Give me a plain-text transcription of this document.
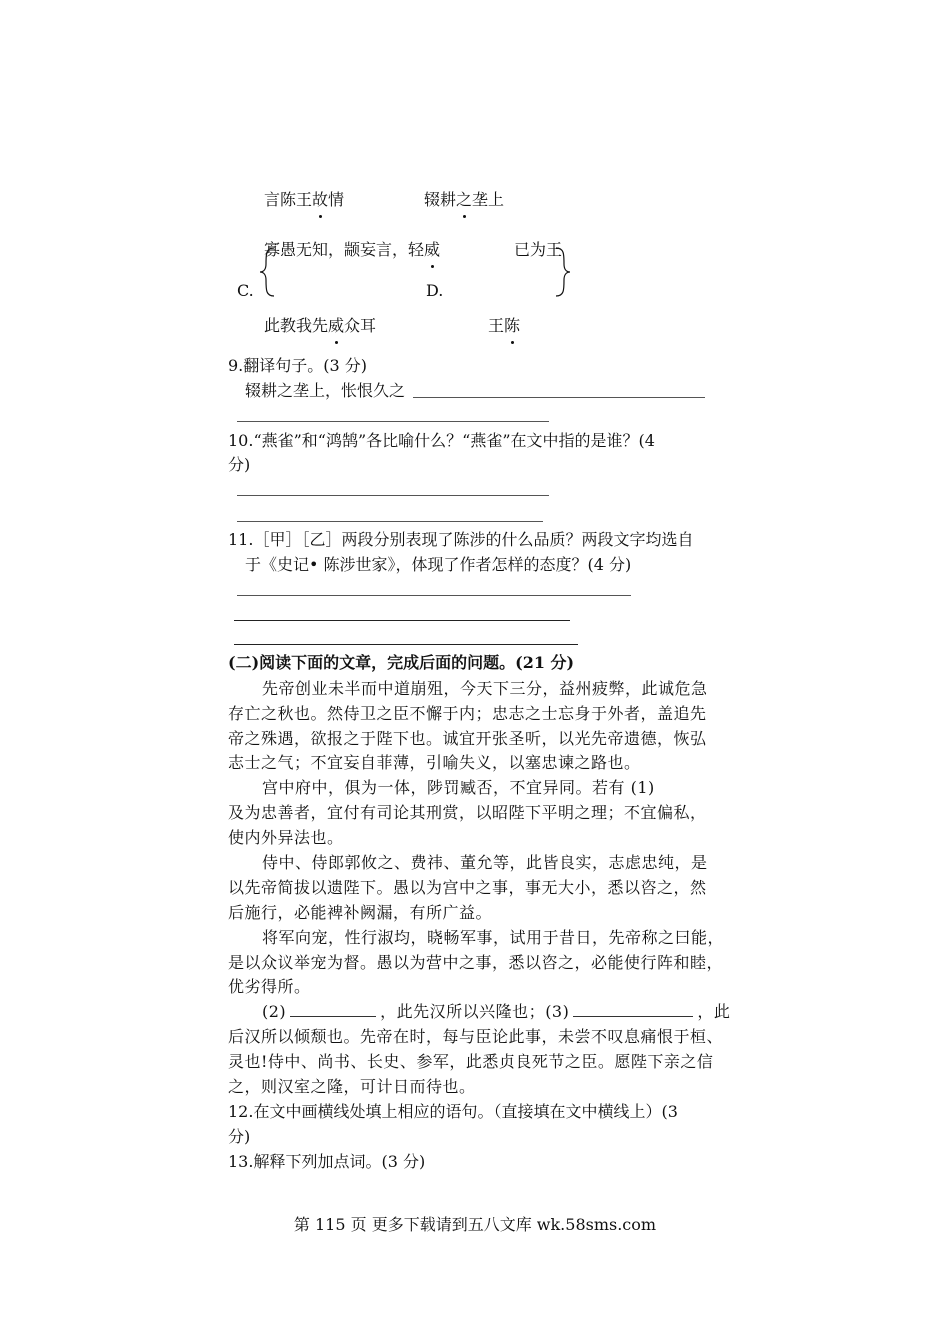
言陈王故情	辍耕之垄上
寡愚无知，颛妄言，轻威	已为王
C.	D.
此教我先威众耳	王陈
9.翻译句子。(3 分)
辍耕之垄上，怅恨久之
10.“燕雀”和“鸿鹄”各比喻什么？“燕雀”在文中指的是谁？(4
分)
11.［甲］［乙］两段分别表现了陈涉的什么品质？两段文字均选自
于《史记• 陈涉世家》，体现了作者怎样的态度？(4 分)
(二)阅读下面的文章，完成后面的问题。(21 分)
先帝创业未半而中道崩殂，今天下三分，益州疲弊，此诚危急
存亡之秋也。然侍卫之臣不懈于内；忠志之士忘身于外者，盖追先
帝之殊遇，欲报之于陛下也。诚宜开张圣听，以光先帝遗德，恢弘
志士之气；不宜妄自菲薄，引喻失义，以塞忠谏之路也。
宫中府中，俱为一体，陟罚臧否，不宜异同。若有 (1)
及为忠善者，宜付有司论其刑赏，以昭陛下平明之理；不宜偏私，
使内外异法也。
侍中、侍郎郭攸之、费祎、董允等，此皆良实，志虑忠纯，是
以先帝简拔以遗陛下。愚以为宫中之事，事无大小，悉以咨之，然
后施行，必能裨补阙漏，有所广益。
将军向宠，性行淑均，晓畅军事，试用于昔日，先帝称之曰能，
是以众议举宠为督。愚以为营中之事，悉以咨之，必能使行阵和睦，
优劣得所。
(2)	，此先汉所以兴隆也；(3)	，此
后汉所以倾颓也。先帝在时，每与臣论此事，未尝不叹息痛恨于桓、
灵也!侍中、尚书、长史、参军，此悉贞良死节之臣。愿陛下亲之信
之，则汉室之隆，可计日而待也。
12.在文中画横线处填上相应的语句。（直接填在文中横线上）(3
分)
13.解释下列加点词。(3 分)
第 115 页 更多下载请到五八文库 wk.58sms.com
